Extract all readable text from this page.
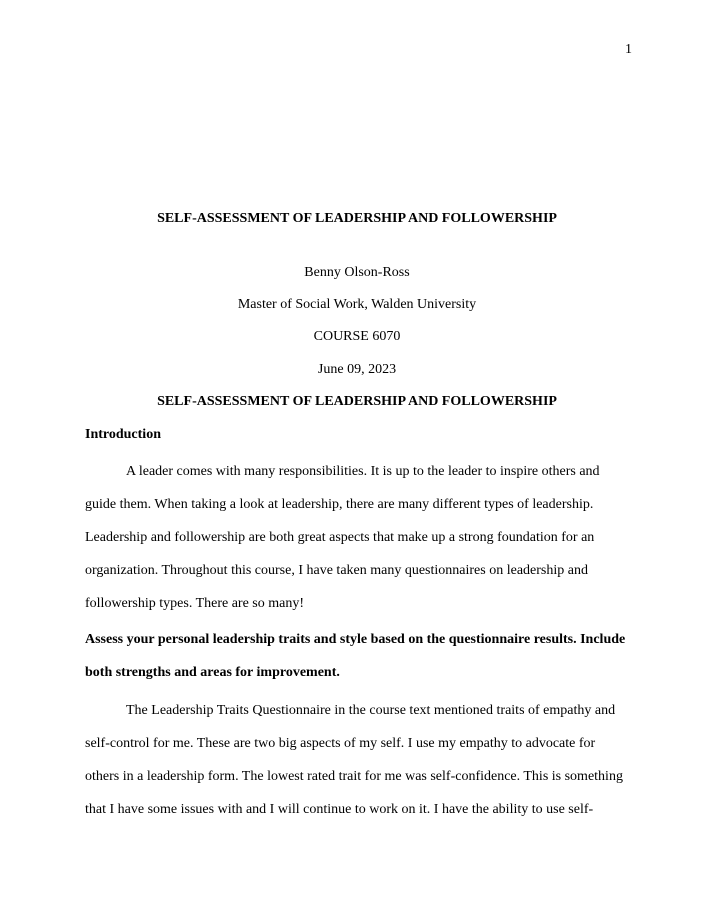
1
SELF-ASSESSMENT OF LEADERSHIP AND FOLLOWERSHIP
Benny Olson-Ross
Master of Social Work, Walden University
COURSE 6070
June 09, 2023
SELF-ASSESSMENT OF LEADERSHIP AND FOLLOWERSHIP
Introduction
A leader comes with many responsibilities. It is up to the leader to inspire others and
guide them. When taking a look at leadership, there are many different types of leadership.
Leadership and followership are both great aspects that make up a strong foundation for an
organization. Throughout this course, I have taken many questionnaires on leadership and
followership types. There are so many!
Assess your personal leadership traits and style based on the questionnaire results. Include
both strengths and areas for improvement.
The Leadership Traits Questionnaire in the course text mentioned traits of empathy and
self-control for me. These are two big aspects of my self. I use my empathy to advocate for
others in a leadership form. The lowest rated trait for me was self-confidence. This is something
that I have some issues with and I will continue to work on it. I have the ability to use self-
